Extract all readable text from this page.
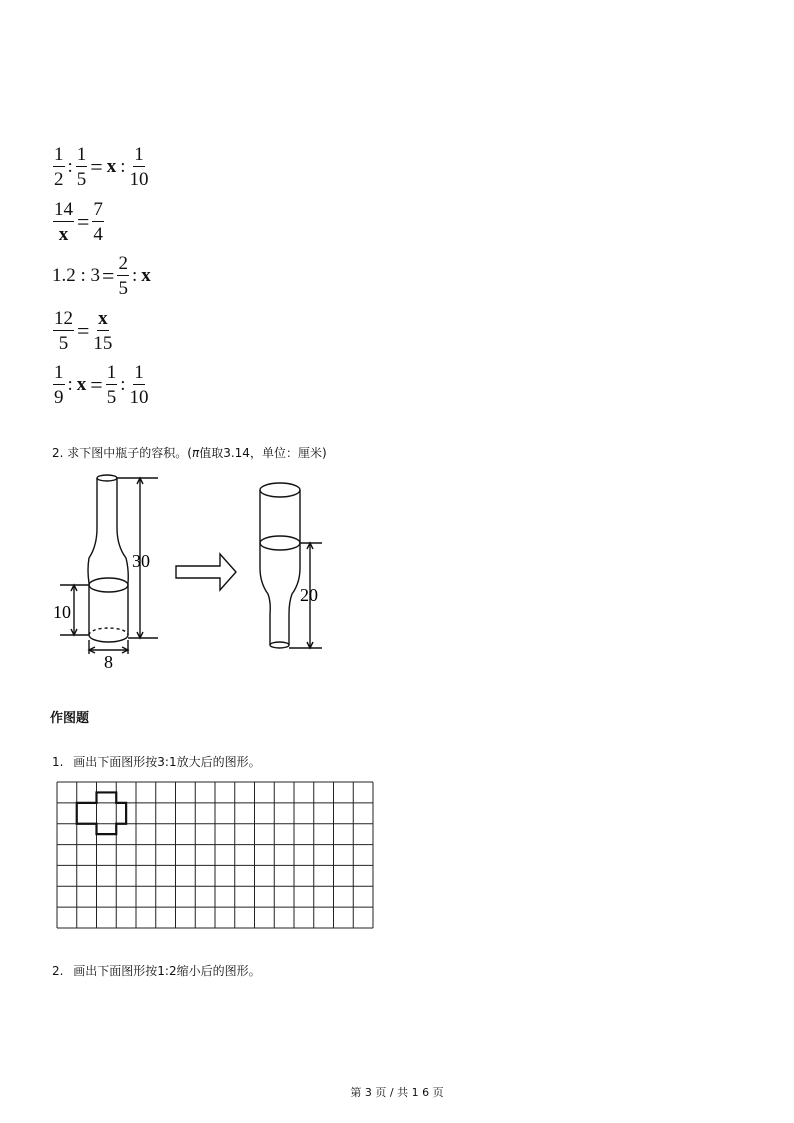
$\frac{1}{2}$ : $\frac{1}{5} = x$ : $\frac{1}{10}$
$\frac{14}{x} = \frac{7}{4}$
1.2 : $3 = \frac{2}{5}$ : x
$\frac{12}{5} = \frac{x}{15}$
$\frac{1}{9}$ : $x = \frac{1}{5}$ : $\frac{1}{10}$
2. 求下图中瓶子的容积。(π值取3.14，单位：厘米)
30
10
8
20
作图题
1. 画出下面图形按3:1放大后的图形。
2. 画出下面图形按1:2缩小后的图形。
第 3 页 / 共 1 6 页
